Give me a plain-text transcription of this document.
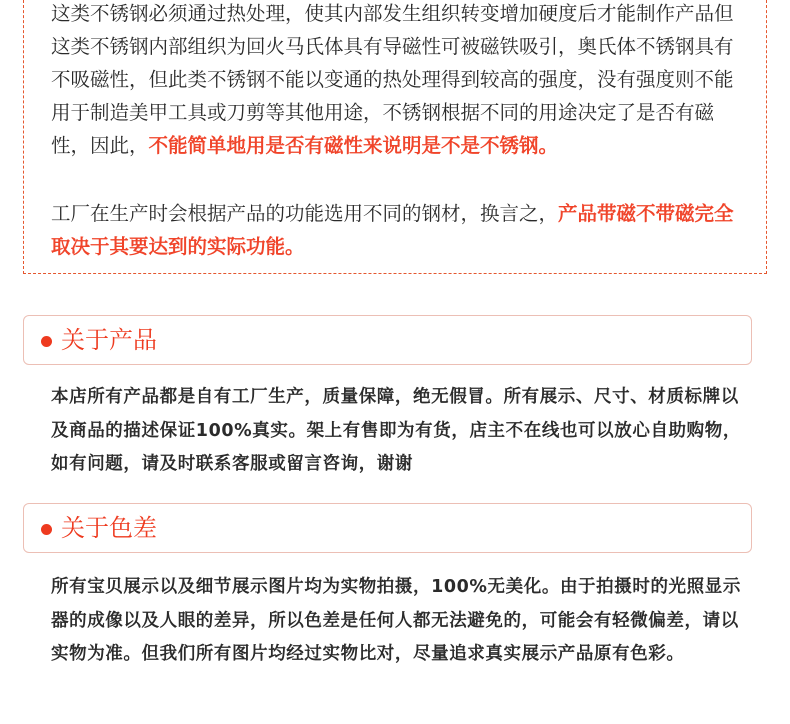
这类不锈钢必须通过热处理，使其内部发生组织转变增加硬度后才能制作产品但这类不锈钢内部组织为回火马氏体具有导磁性可被磁铁吸引，奥氏体不锈钢具有不吸磁性，但此类不锈钢不能以变通的热处理得到较高的强度，没有强度则不能用于制造美甲工具或刀剪等其他用途，不锈钢根据不同的用途决定了是否有磁性，因此，不能简单地用是否有磁性来说明是不是不锈钢。

工厂在生产时会根据产品的功能选用不同的钢材，换言之，产品带磁不带磁完全取决于其要达到的实际功能。

关于产品

本店所有产品都是自有工厂生产，质量保障，绝无假冒。所有展示、尺寸、材质标牌以及商品的描述保证100%真实。架上有售即为有货，店主不在线也可以放心自助购物，如有问题，请及时联系客服或留言咨询，谢谢

关于色差

所有宝贝展示以及细节展示图片均为实物拍摄，100%无美化。由于拍摄时的光照显示器的成像以及人眼的差异，所以色差是任何人都无法避免的，可能会有轻微偏差，请以实物为准。但我们所有图片均经过实物比对，尽量追求真实展示产品原有色彩。
